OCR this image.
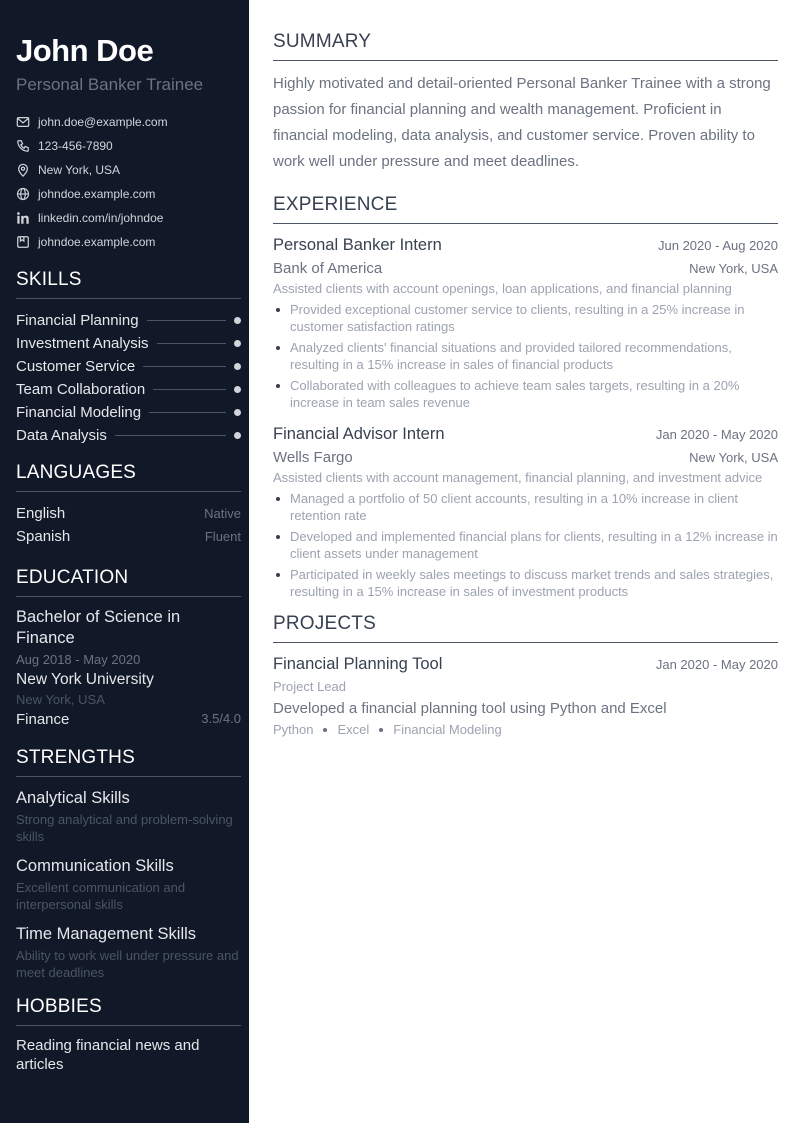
John Doe
Personal Banker Trainee
john.doe@example.com
123-456-7890
New York, USA
johndoe.example.com
linkedin.com/in/johndoe
johndoe.example.com
SKILLS
Financial Planning
Investment Analysis
Customer Service
Team Collaboration
Financial Modeling
Data Analysis
LANGUAGES
English	Native
Spanish	Fluent
EDUCATION
Bachelor of Science in Finance
Aug 2018 - May 2020
New York University
New York, USA
Finance	3.5/4.0
STRENGTHS
Analytical Skills
Strong analytical and problem-solving skills
Communication Skills
Excellent communication and interpersonal skills
Time Management Skills
Ability to work well under pressure and meet deadlines
HOBBIES
Reading financial news and articles
SUMMARY
Highly motivated and detail-oriented Personal Banker Trainee with a strong passion for financial planning and wealth management. Proficient in financial modeling, data analysis, and customer service. Proven ability to work well under pressure and meet deadlines.
EXPERIENCE
Personal Banker Intern	Jun 2020 - Aug 2020
Bank of America	New York, USA
Assisted clients with account openings, loan applications, and financial planning
Provided exceptional customer service to clients, resulting in a 25% increase in customer satisfaction ratings
Analyzed clients' financial situations and provided tailored recommendations, resulting in a 15% increase in sales of financial products
Collaborated with colleagues to achieve team sales targets, resulting in a 20% increase in team sales revenue
Financial Advisor Intern	Jan 2020 - May 2020
Wells Fargo	New York, USA
Assisted clients with account management, financial planning, and investment advice
Managed a portfolio of 50 client accounts, resulting in a 10% increase in client retention rate
Developed and implemented financial plans for clients, resulting in a 12% increase in client assets under management
Participated in weekly sales meetings to discuss market trends and sales strategies, resulting in a 15% increase in sales of investment products
PROJECTS
Financial Planning Tool	Jan 2020 - May 2020
Project Lead
Developed a financial planning tool using Python and Excel
Python Excel Financial Modeling
